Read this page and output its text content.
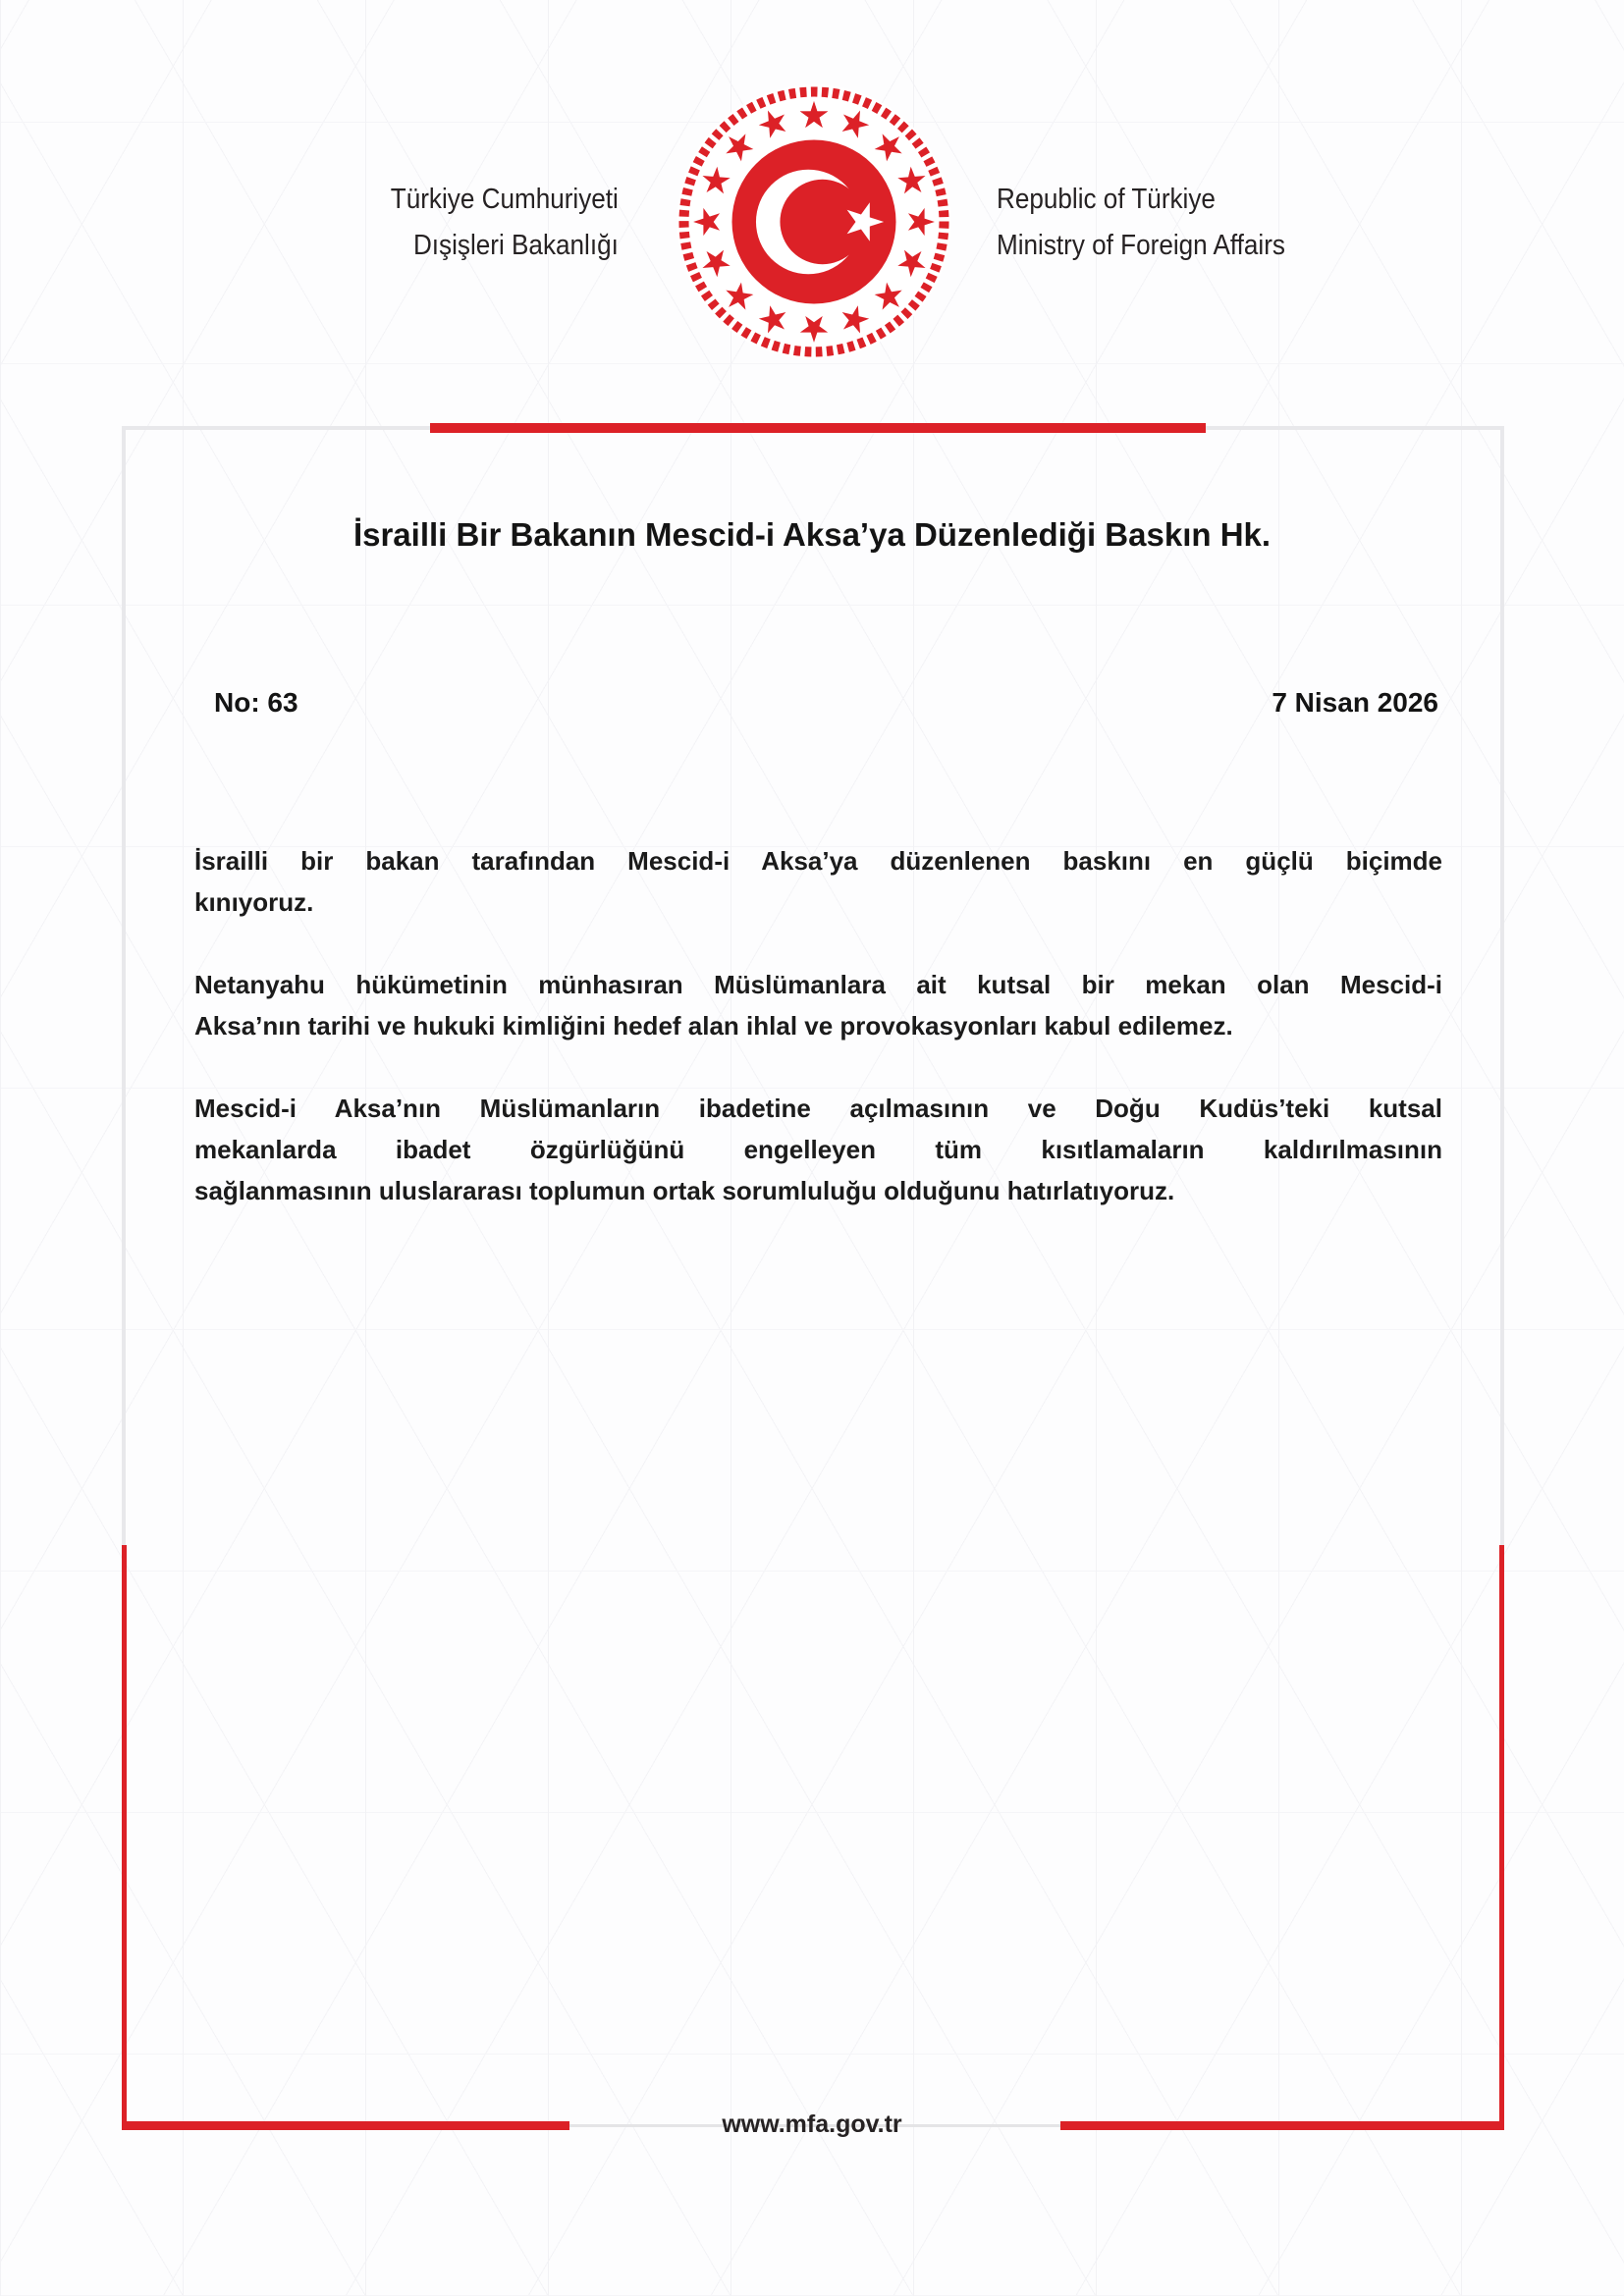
Türkiye Cumhuriyeti
Dışişleri Bakanlığı
Republic of Türkiye
Ministry of Foreign Affairs
İsrailli Bir Bakanın Mescid-i Aksa’ya Düzenlediği Baskın Hk.
No: 63	7 Nisan 2026
İsrailli bir bakan tarafından Mescid-i Aksa’ya düzenlenen baskını en güçlü biçimde
kınıyoruz.
Netanyahu hükümetinin münhasıran Müslümanlara ait kutsal bir mekan olan Mescid-i
Aksa’nın tarihi ve hukuki kimliğini hedef alan ihlal ve provokasyonları kabul edilemez.
Mescid-i Aksa’nın Müslümanların ibadetine açılmasının ve Doğu Kudüs’teki kutsal
mekanlarda ibadet özgürlüğünü engelleyen tüm kısıtlamaların kaldırılmasının
sağlanmasının uluslararası toplumun ortak sorumluluğu olduğunu hatırlatıyoruz.
www.mfa.gov.tr
